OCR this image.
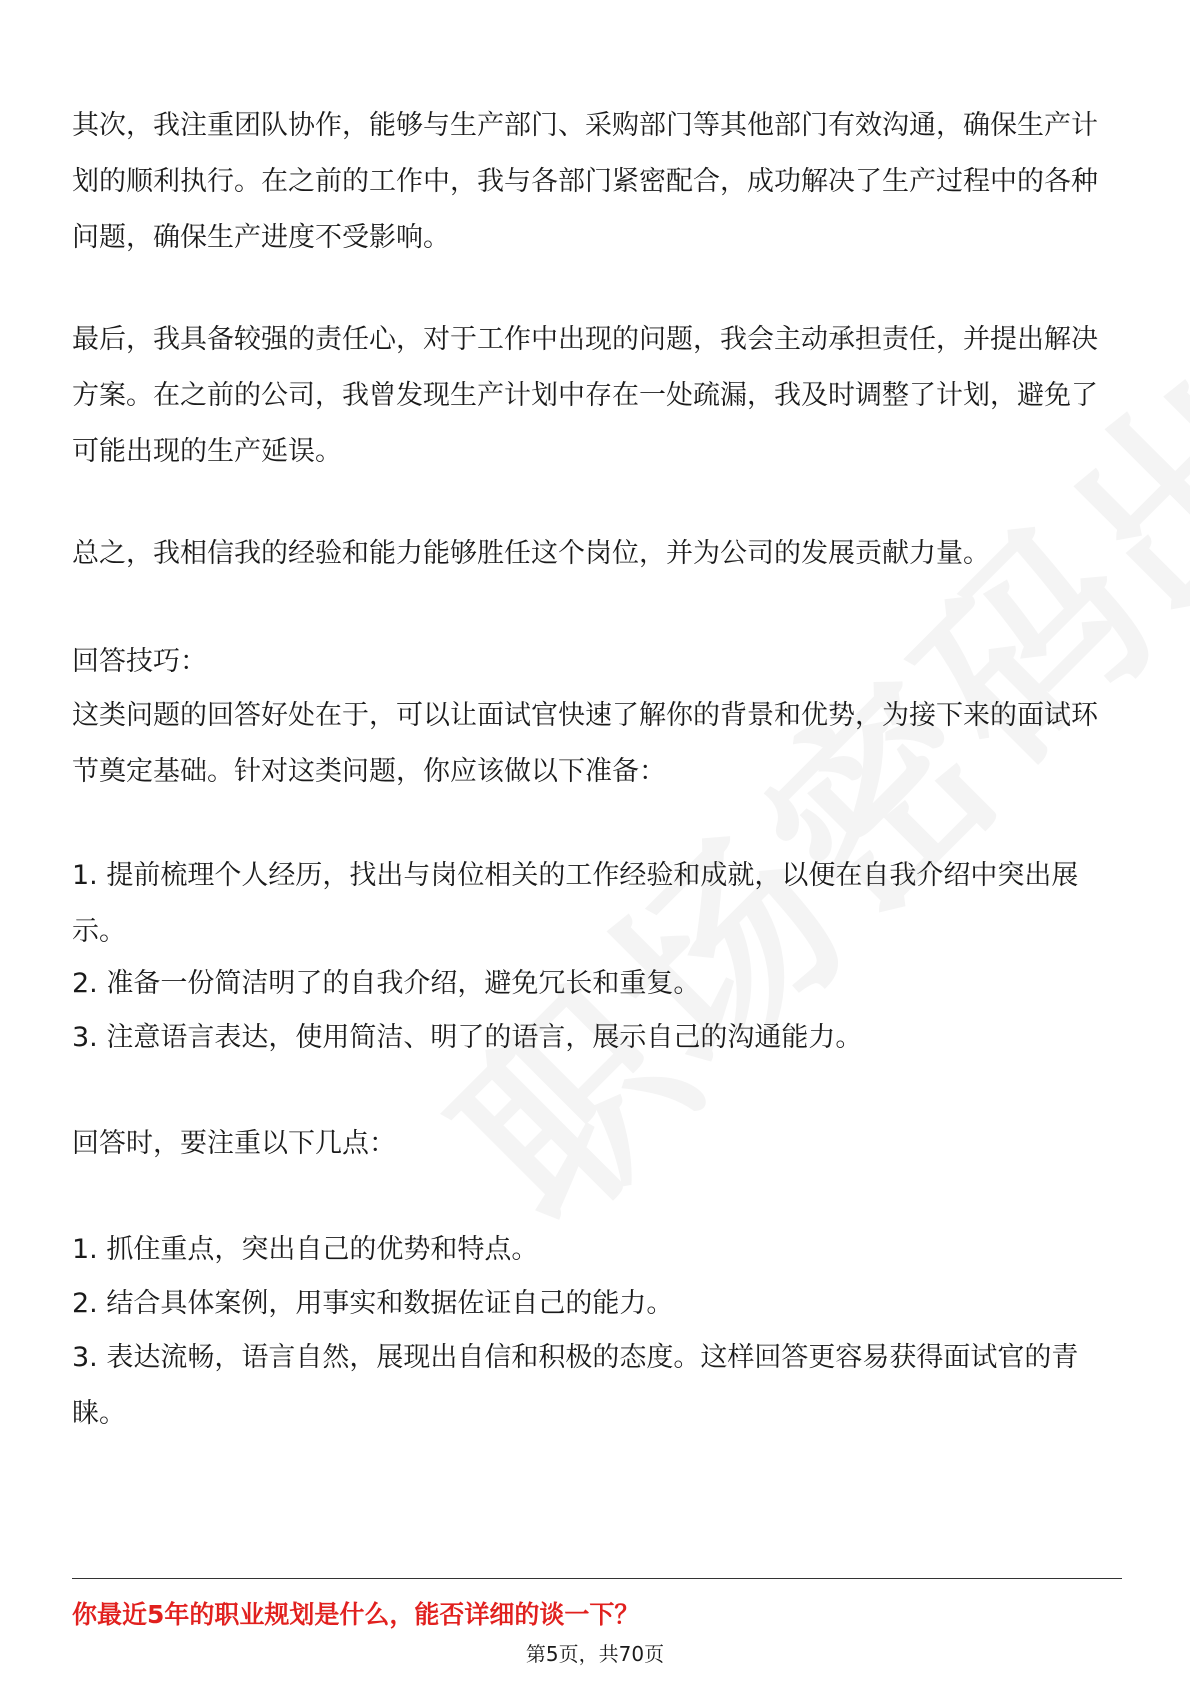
其次，我注重团队协作，能够与生产部门、采购部门等其他部门有效沟通，确保生产计划的顺利执行。在之前的工作中，我与各部门紧密配合，成功解决了生产过程中的各种问题，确保生产进度不受影响。

最后，我具备较强的责任心，对于工作中出现的问题，我会主动承担责任，并提出解决方案。在之前的公司，我曾发现生产计划中存在一处疏漏，我及时调整了计划，避免了可能出现的生产延误。

总之，我相信我的经验和能力能够胜任这个岗位，并为公司的发展贡献力量。

回答技巧：

这类问题的回答好处在于，可以让面试官快速了解你的背景和优势，为接下来的面试环节奠定基础。针对这类问题，你应该做以下准备：

1. 提前梳理个人经历，找出与岗位相关的工作经验和成就，以便在自我介绍中突出展示。

2. 准备一份简洁明了的自我介绍，避免冗长和重复。

3. 注意语言表达，使用简洁、明了的语言，展示自己的沟通能力。

回答时，要注重以下几点：

1. 抓住重点，突出自己的优势和特点。

2. 结合具体案例，用事实和数据佐证自己的能力。

3. 表达流畅，语言自然，展现出自信和积极的态度。这样回答更容易获得面试官的青睐。

你最近5年的职业规划是什么，能否详细的谈一下？
第5页，共70页
